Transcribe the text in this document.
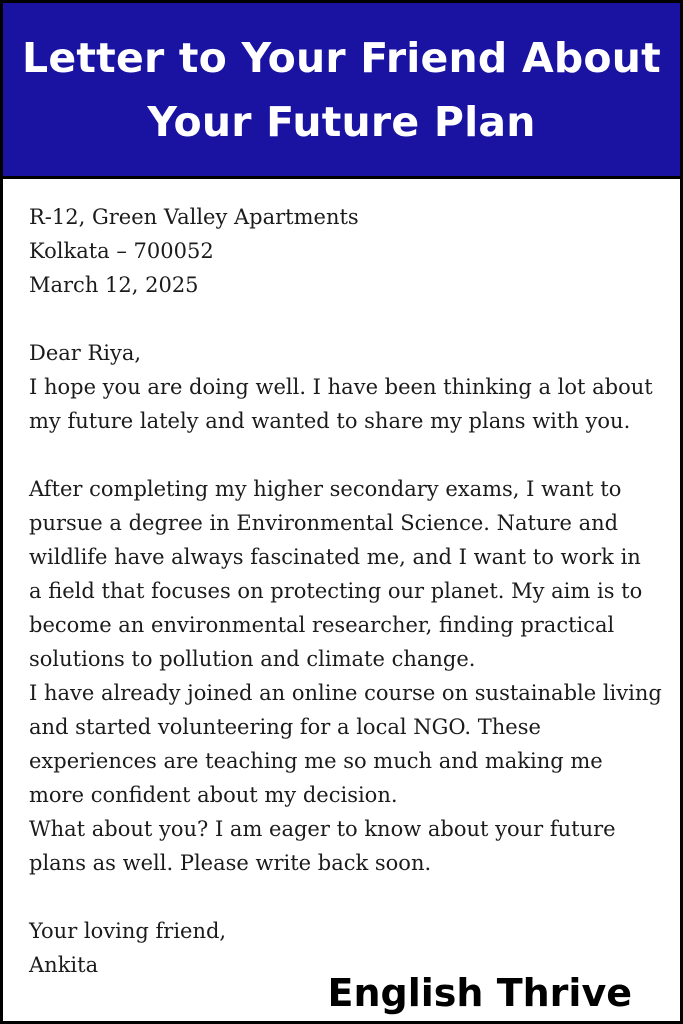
Letter to Your Friend About
Your Future Plan
R-12, Green Valley Apartments
Kolkata – 700052
March 12, 2025
Dear Riya,
I hope you are doing well. I have been thinking a lot about
my future lately and wanted to share my plans with you.
After completing my higher secondary exams, I want to
pursue a degree in Environmental Science. Nature and
wildlife have always fascinated me, and I want to work in
a field that focuses on protecting our planet. My aim is to
become an environmental researcher, finding practical
solutions to pollution and climate change.
I have already joined an online course on sustainable living
and started volunteering for a local NGO. These
experiences are teaching me so much and making me
more confident about my decision.
What about you? I am eager to know about your future
plans as well. Please write back soon.
Your loving friend,
Ankita
English Thrive
